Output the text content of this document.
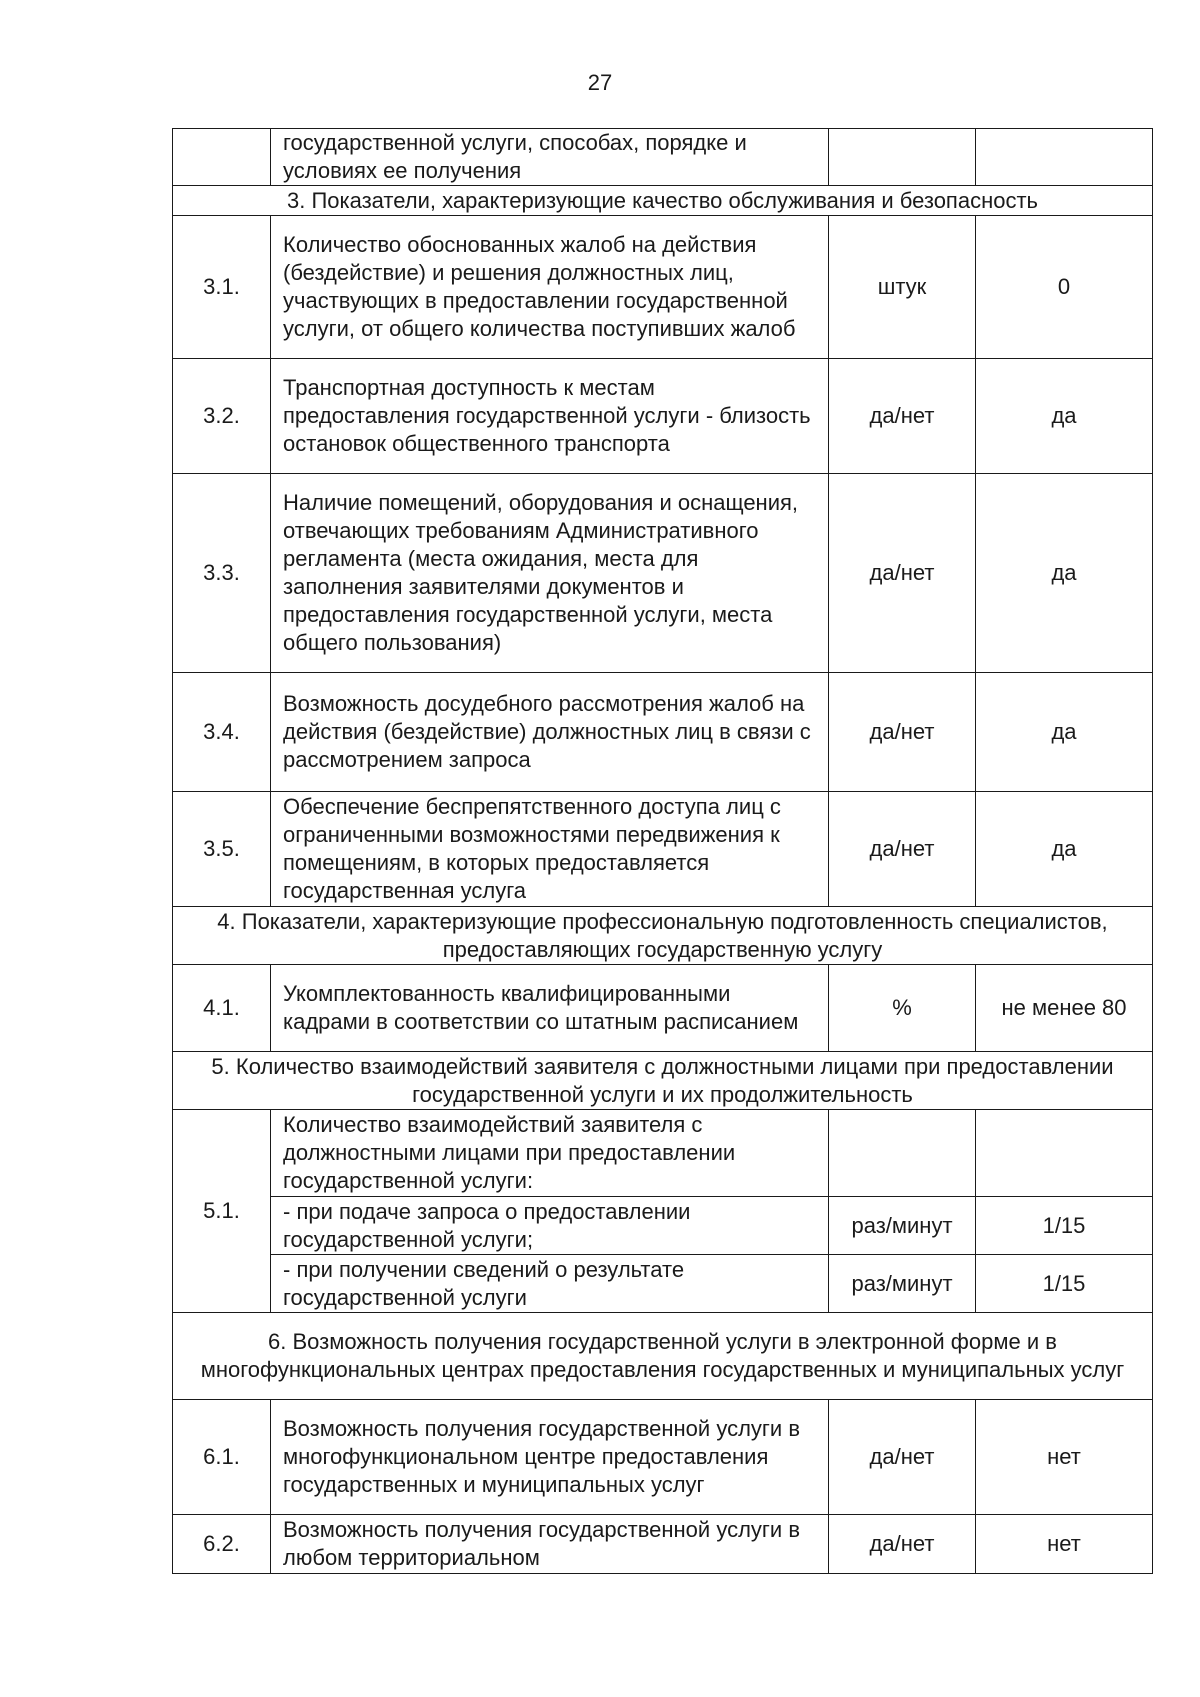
27
	государственной услуги, способах, порядке и условиях ее получения		
3. Показатели, характеризующие качество обслуживания и безопасность			
3.1.	Количество обоснованных жалоб на действия (бездействие) и решения должностных лиц, участвующих в предоставлении государственной услуги, от общего количества поступивших жалоб	штук	0
3.2.	Транспортная доступность к местам предоставления государственной услуги - близость остановок общественного транспорта	да/нет	да
3.3.	Наличие помещений, оборудования и оснащения, отвечающих требованиям Административного регламента (места ожидания, места для заполнения заявителями документов и предоставления государственной услуги, места общего пользования)	да/нет	да
3.4.	Возможность досудебного рассмотрения жалоб на действия (бездействие) должностных лиц в связи с рассмотрением запроса	да/нет	да
3.5.	Обеспечение беспрепятственного доступа лиц с ограниченными возможностями передвижения к помещениям, в которых предоставляется государственная услуга	да/нет	да
4. Показатели, характеризующие профессиональную подготовленность специалистов, предоставляющих государственную услугу			
4.1.	Укомплектованность квалифицированными кадрами в соответствии со штатным расписанием	%	не менее 80
5. Количество взаимодействий заявителя с должностными лицами при предоставлении государственной услуги и их продолжительность			
5.1.	Количество взаимодействий заявителя с должностными лицами при предоставлении государственной услуги:		
	- при подаче запроса о предоставлении государственной услуги;	раз/минут	1/15
	- при получении сведений о результате государственной услуги	раз/минут	1/15
6. Возможность получения государственной услуги в электронной форме и в многофункциональных центрах предоставления государственных и муниципальных услуг			
6.1.	Возможность получения государственной услуги в многофункциональном центре предоставления государственных и муниципальных услуг	да/нет	нет
6.2.	Возможность получения государственной услуги в любом территориальном	да/нет	нет
